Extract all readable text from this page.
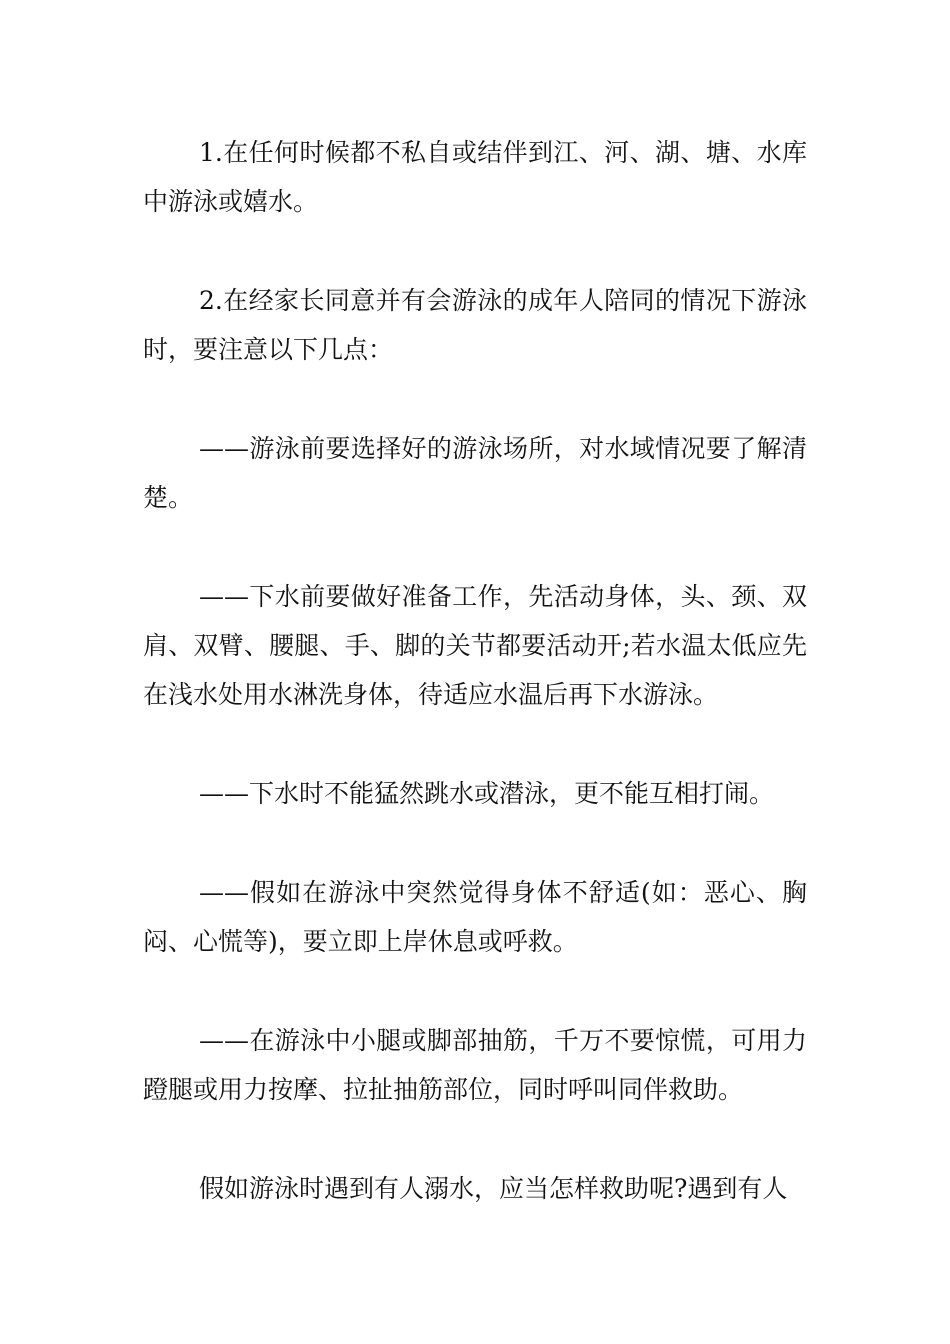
1.在任何时候都不私自或结伴到江、河、湖、塘、水库中游泳或嬉水。

2.在经家长同意并有会游泳的成年人陪同的情况下游泳时，要注意以下几点：

——游泳前要选择好的游泳场所，对水域情况要了解清楚。

——下水前要做好准备工作，先活动身体，头、颈、双肩、双臂、腰腿、手、脚的关节都要活动开;若水温太低应先在浅水处用水淋洗身体，待适应水温后再下水游泳。

——下水时不能猛然跳水或潜泳，更不能互相打闹。

——假如在游泳中突然觉得身体不舒适(如：恶心、胸闷、心慌等)，要立即上岸休息或呼救。

——在游泳中小腿或脚部抽筋，千万不要惊慌，可用力蹬腿或用力按摩、拉扯抽筋部位，同时呼叫同伴救助。

假如游泳时遇到有人溺水，应当怎样救助呢?遇到有人
